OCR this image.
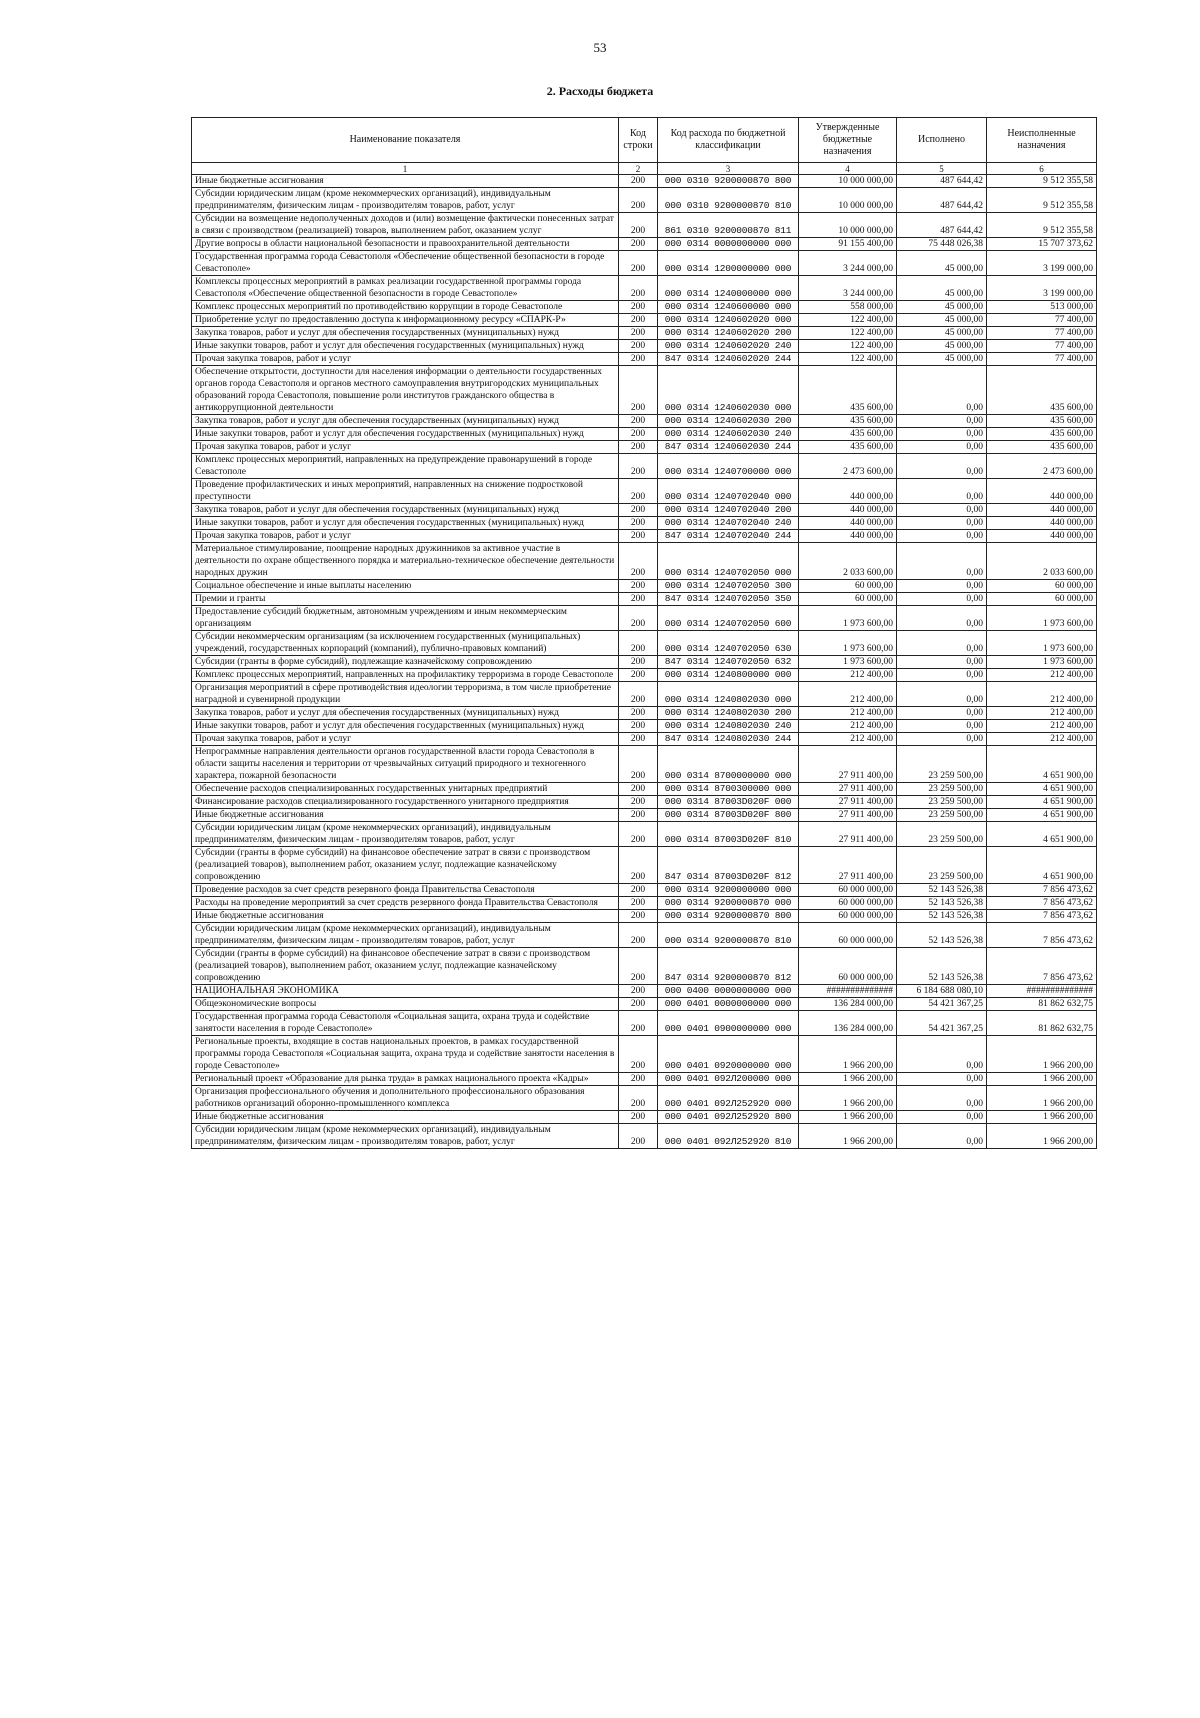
53
2. Расходы бюджета
Наименование показателя	Код строки	Код расхода по бюджетной классификации	Утвержденные бюджетные назначения	Исполнено	Неисполненные назначения
1	2	3	4	5	6
Иные бюджетные ассигнования	200	000 0310 9200000870 800	10 000 000,00	487 644,42	9 512 355,58
Субсидии юридическим лицам (кроме некоммерческих организаций), индивидуальным предпринимателям, физическим лицам - производителям товаров, работ, услуг	200	000 0310 9200000870 810	10 000 000,00	487 644,42	9 512 355,58
Субсидии на возмещение недополученных доходов и (или) возмещение фактически понесенных затрат в связи с производством (реализацией) товаров, выполнением работ, оказанием услуг	200	861 0310 9200000870 811	10 000 000,00	487 644,42	9 512 355,58
Другие вопросы в области национальной безопасности и правоохранительной деятельности	200	000 0314 0000000000 000	91 155 400,00	75 448 026,38	15 707 373,62
Государственная программа города Севастополя «Обеспечение общественной безопасности в городе Севастополе»	200	000 0314 1200000000 000	3 244 000,00	45 000,00	3 199 000,00
Комплексы процессных мероприятий в рамках реализации государственной программы города Севастополя «Обеспечение общественной безопасности в городе Севастополе»	200	000 0314 1240000000 000	3 244 000,00	45 000,00	3 199 000,00
Комплекс процессных мероприятий по противодействию коррупции в городе Севастополе	200	000 0314 1240600000 000	558 000,00	45 000,00	513 000,00
Приобретение услуг по предоставлению доступа к информационному ресурсу «СПАРК-Р»	200	000 0314 1240602020 000	122 400,00	45 000,00	77 400,00
Закупка товаров, работ и услуг для обеспечения государственных (муниципальных) нужд	200	000 0314 1240602020 200	122 400,00	45 000,00	77 400,00
Иные закупки товаров, работ и услуг для обеспечения государственных (муниципальных) нужд	200	000 0314 1240602020 240	122 400,00	45 000,00	77 400,00
Прочая закупка товаров, работ и услуг	200	847 0314 1240602020 244	122 400,00	45 000,00	77 400,00
Обеспечение открытости, доступности для населения информации о деятельности государственных органов города Севастополя и органов местного самоуправления внутригородских муниципальных образований города Севастополя, повышение роли институтов гражданского общества в антикоррупционной деятельности	200	000 0314 1240602030 000	435 600,00	0,00	435 600,00
Закупка товаров, работ и услуг для обеспечения государственных (муниципальных) нужд	200	000 0314 1240602030 200	435 600,00	0,00	435 600,00
Иные закупки товаров, работ и услуг для обеспечения государственных (муниципальных) нужд	200	000 0314 1240602030 240	435 600,00	0,00	435 600,00
Прочая закупка товаров, работ и услуг	200	847 0314 1240602030 244	435 600,00	0,00	435 600,00
Комплекс процессных мероприятий, направленных на предупреждение правонарушений в городе Севастополе	200	000 0314 1240700000 000	2 473 600,00	0,00	2 473 600,00
Проведение профилактических и иных мероприятий, направленных на снижение подростковой преступности	200	000 0314 1240702040 000	440 000,00	0,00	440 000,00
Закупка товаров, работ и услуг для обеспечения государственных (муниципальных) нужд	200	000 0314 1240702040 200	440 000,00	0,00	440 000,00
Иные закупки товаров, работ и услуг для обеспечения государственных (муниципальных) нужд	200	000 0314 1240702040 240	440 000,00	0,00	440 000,00
Прочая закупка товаров, работ и услуг	200	847 0314 1240702040 244	440 000,00	0,00	440 000,00
Материальное стимулирование, поощрение народных дружинников за активное участие в деятельности по охране общественного порядка и материально-техническое обеспечение деятельности народных дружин	200	000 0314 1240702050 000	2 033 600,00	0,00	2 033 600,00
Социальное обеспечение и иные выплаты населению	200	000 0314 1240702050 300	60 000,00	0,00	60 000,00
Премии и гранты	200	847 0314 1240702050 350	60 000,00	0,00	60 000,00
Предоставление субсидий бюджетным, автономным учреждениям и иным некоммерческим организациям	200	000 0314 1240702050 600	1 973 600,00	0,00	1 973 600,00
Субсидии некоммерческим организациям (за исключением государственных (муниципальных) учреждений, государственных корпораций (компаний), публично-правовых компаний)	200	000 0314 1240702050 630	1 973 600,00	0,00	1 973 600,00
Субсидии (гранты в форме субсидий), подлежащие казначейскому сопровождению	200	847 0314 1240702050 632	1 973 600,00	0,00	1 973 600,00
Комплекс процессных мероприятий, направленных на профилактику терроризма в городе Севастополе	200	000 0314 1240800000 000	212 400,00	0,00	212 400,00
Организация мероприятий в сфере противодействия идеологии терроризма, в том числе приобретение наградной и сувенирной продукции	200	000 0314 1240802030 000	212 400,00	0,00	212 400,00
Закупка товаров, работ и услуг для обеспечения государственных (муниципальных) нужд	200	000 0314 1240802030 200	212 400,00	0,00	212 400,00
Иные закупки товаров, работ и услуг для обеспечения государственных (муниципальных) нужд	200	000 0314 1240802030 240	212 400,00	0,00	212 400,00
Прочая закупка товаров, работ и услуг	200	847 0314 1240802030 244	212 400,00	0,00	212 400,00
Непрограммные направления деятельности органов государственной власти города Севастополя в области защиты населения и территории от чрезвычайных ситуаций природного и техногенного характера, пожарной безопасности	200	000 0314 8700000000 000	27 911 400,00	23 259 500,00	4 651 900,00
Обеспечение расходов специализированных государственных унитарных предприятий	200	000 0314 8700300000 000	27 911 400,00	23 259 500,00	4 651 900,00
Финансирование расходов специализированного государственного унитарного предприятия	200	000 0314 87003D020F 000	27 911 400,00	23 259 500,00	4 651 900,00
Иные бюджетные ассигнования	200	000 0314 87003D020F 800	27 911 400,00	23 259 500,00	4 651 900,00
Субсидии юридическим лицам (кроме некоммерческих организаций), индивидуальным предпринимателям, физическим лицам - производителям товаров, работ, услуг	200	000 0314 87003D020F 810	27 911 400,00	23 259 500,00	4 651 900,00
Субсидии (гранты в форме субсидий) на финансовое обеспечение затрат в связи с производством (реализацией товаров), выполнением работ, оказанием услуг, подлежащие казначейскому сопровождению	200	847 0314 87003D020F 812	27 911 400,00	23 259 500,00	4 651 900,00
Проведение расходов за счет средств резервного фонда Правительства Севастополя	200	000 0314 9200000000 000	60 000 000,00	52 143 526,38	7 856 473,62
Расходы на проведение мероприятий за счет средств резервного фонда Правительства Севастополя	200	000 0314 9200000870 000	60 000 000,00	52 143 526,38	7 856 473,62
Иные бюджетные ассигнования	200	000 0314 9200000870 800	60 000 000,00	52 143 526,38	7 856 473,62
Субсидии юридическим лицам (кроме некоммерческих организаций), индивидуальным предпринимателям, физическим лицам - производителям товаров, работ, услуг	200	000 0314 9200000870 810	60 000 000,00	52 143 526,38	7 856 473,62
Субсидии (гранты в форме субсидий) на финансовое обеспечение затрат в связи с производством (реализацией товаров), выполнением работ, оказанием услуг, подлежащие казначейскому сопровождению	200	847 0314 9200000870 812	60 000 000,00	52 143 526,38	7 856 473,62
НАЦИОНАЛЬНАЯ ЭКОНОМИКА	200	000 0400 0000000000 000	##############	6 184 688 080,10	##############
Общеэкономические вопросы	200	000 0401 0000000000 000	136 284 000,00	54 421 367,25	81 862 632,75
Государственная программа города Севастополя «Социальная защита, охрана труда и содействие занятости населения в городе Севастополе»	200	000 0401 0900000000 000	136 284 000,00	54 421 367,25	81 862 632,75
Региональные проекты, входящие в состав национальных проектов, в рамках государственной программы города Севастополя «Социальная защита, охрана труда и содействие занятости населения в городе Севастополе»	200	000 0401 0920000000 000	1 966 200,00	0,00	1 966 200,00
Региональный проект «Образование для рынка труда» в рамках национального проекта «Кадры»	200	000 0401 092Л200000 000	1 966 200,00	0,00	1 966 200,00
Организация профессионального обучения и дополнительного профессионального образования работников организаций оборонно-промышленного комплекса	200	000 0401 092Л252920 000	1 966 200,00	0,00	1 966 200,00
Иные бюджетные ассигнования	200	000 0401 092Л252920 800	1 966 200,00	0,00	1 966 200,00
Субсидии юридическим лицам (кроме некоммерческих организаций), индивидуальным предпринимателям, физическим лицам - производителям товаров, работ, услуг	200	000 0401 092Л252920 810	1 966 200,00	0,00	1 966 200,00
